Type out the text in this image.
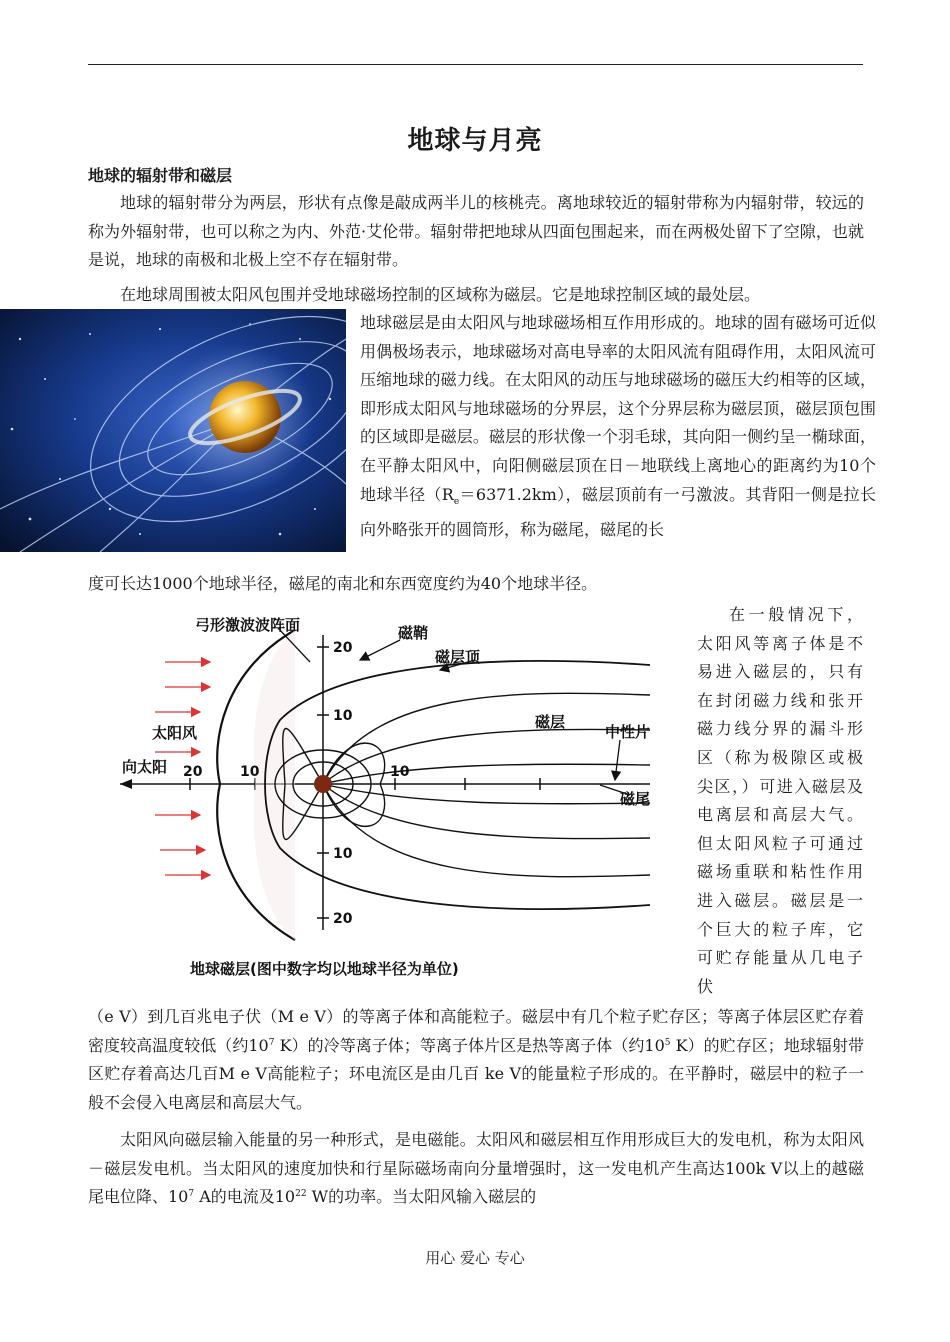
地球与月亮
地球的辐射带和磁层
地球的辐射带分为两层，形状有点像是敲成两半儿的核桃壳。离地球较近的辐射带称为内辐射带，较远的称为外辐射带，也可以称之为内、外范·艾伦带。辐射带把地球从四面包围起来，而在两极处留下了空隙，也就是说，地球的南极和北极上空不存在辐射带。
在地球周围被太阳风包围并受地球磁场控制的区域称为磁层。它是地球控制区域的最处层。
地球磁层是由太阳风与地球磁场相互作用形成的。地球的固有磁场可近似用偶极场表示，地球磁场对高电导率的太阳风流有阻碍作用，太阳风流可压缩地球的磁力线。在太阳风的动压与地球磁场的磁压大约相等的区域，即形成太阳风与地球磁场的分界层，这个分界层称为磁层顶，磁层顶包围的区域即是磁层。磁层的形状像一个羽毛球，其向阳一侧约呈一椭球面，在平静太阳风中，向阳侧磁层顶在日－地联线上离地心的距离约为10个地球半径$(R_e=6371.2km)$，磁层顶前有一弓激波。其背阳一侧是拉长向外略张开的圆筒形，称为磁尾，磁尾的长
度可长达1000个地球半径，磁尾的南北和东西宽度约为40个地球半径。
弓形激波波阵面	磁鞘
磁层顶
磁层
中性片
太阳风
向太阳
磁尾
地球磁层(图中数字均以地球半径为单位)
20	10	10
20
10
10
20
在一般情况下，太阳风等离子体是不易进入磁层的，只有在封闭磁力线和张开磁力线分界的漏斗形区（称为极隙区或极尖区，）可进入磁层及电离层和高层大气。但太阳风粒子可通过磁场重联和粘性作用进入磁层。磁层是一个巨大的粒子库，它可贮存能量从几电子伏
（e V）到几百兆电子伏（M e V）的等离子体和高能粒子。磁层中有几个粒子贮存区；等离子体层区贮存着密度较高温度较低（约$10^7$ K）的冷等离子体；等离子体片区是热等离子体（约$10^5$ K）的贮存区；地球辐射带区贮存着高达几百M e V高能粒子；环电流区是由几百 ke V的能量粒子形成的。在平静时，磁层中的粒子一般不会侵入电离层和高层大气。
太阳风向磁层输入能量的另一种形式，是电磁能。太阳风和磁层相互作用形成巨大的发电机，称为太阳风－磁层发电机。当太阳风的速度加快和行星际磁场南向分量增强时，这一发电机产生高达100k V以上的越磁尾电位降、$10^7$ A的电流及$10^{22}$ W的功率。当太阳风输入磁层的
用心 爱心 专心
